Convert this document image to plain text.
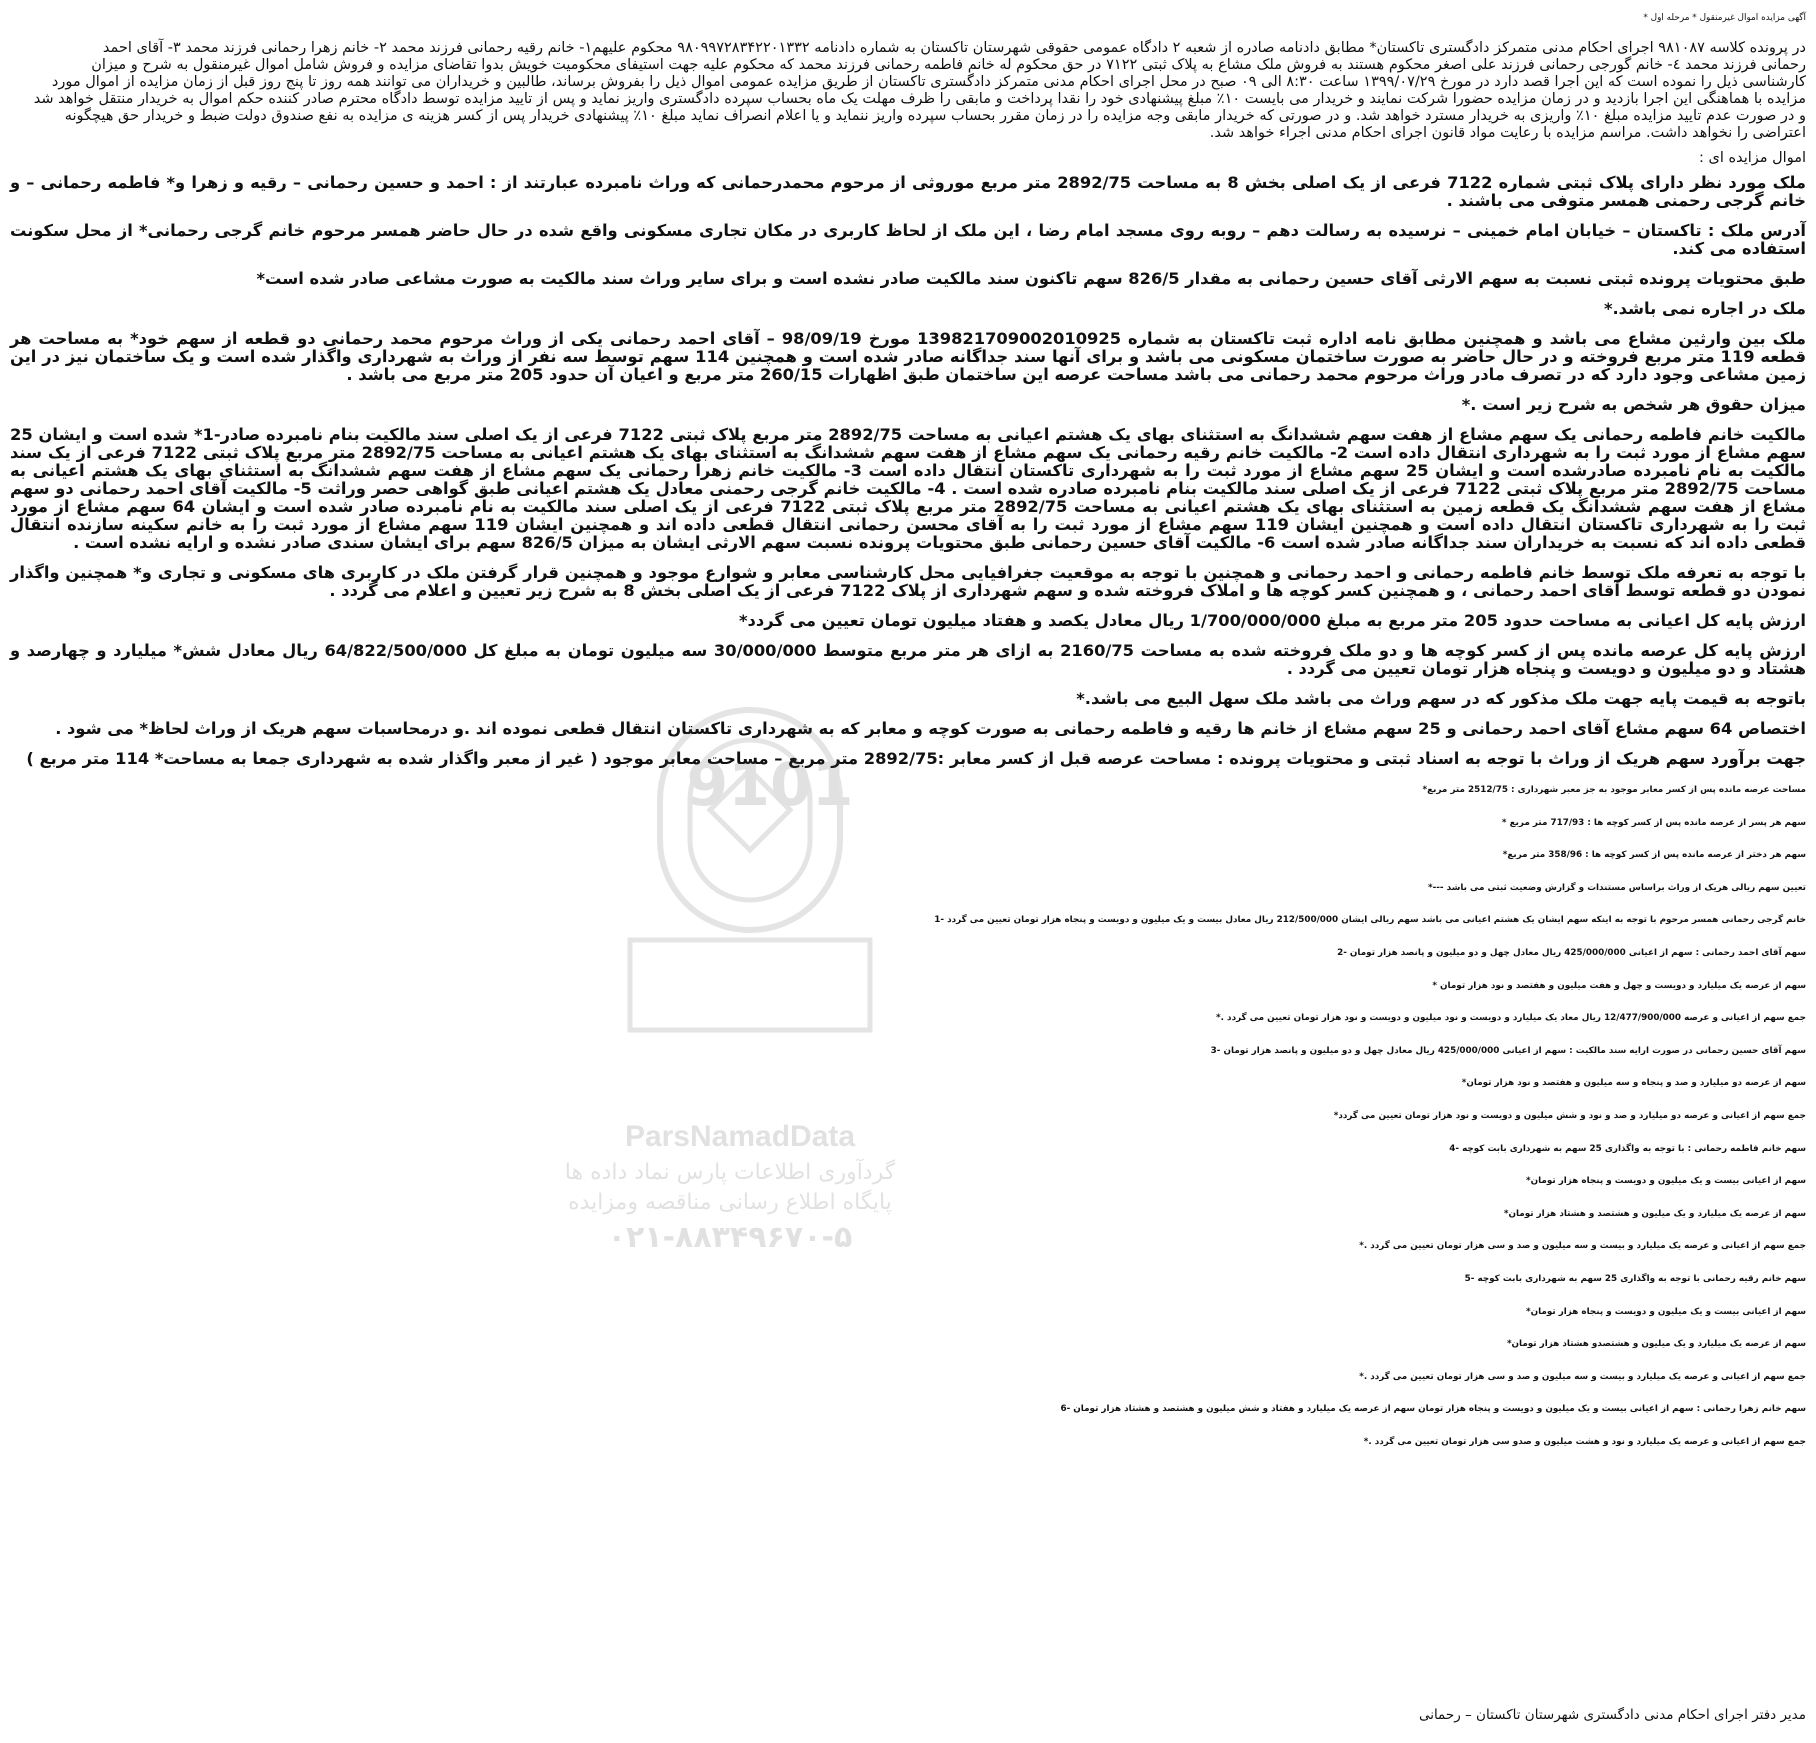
آگهی مزایده اموال غیرمنقول * مرحله اول *

در پرونده کلاسه ۹۸۱۰۸۷ اجرای احکام مدنی متمرکز دادگستری تاکستان* مطابق دادنامه صادره از شعبه ۲ دادگاه عمومی حقوقی شهرستان تاکستان به شماره دادنامه ۹۸۰۹۹۷۲۸۳۴۲۲۰۱۳۳۲ محکوم علیهم۱- خانم رقیه رحمانی فرزند محمد ۲- خانم زهرا رحمانی فرزند محمد ۳- آقای احمد

رحمانی فرزند محمد ٤- خانم گورجی رحمانی فرزند علی اصغر محکوم هستند به فروش ملک مشاع به پلاک ثبتی ۷۱۲۲ در حق محکوم له خانم فاطمه رحمانی فرزند محمد که محکوم علیه جهت استیفای محکومیت خویش بدوا تقاضای مزایده و فروش شامل اموال غیرمنقول به شرح و میزان

کارشناسی ذیل را نموده است که این اجرا قصد دارد در مورخ ۱۳۹۹/۰۷/۲۹ ساعت ۸:۳۰ الی ۰۹ صبح در محل اجرای احکام مدنی متمرکز دادگستری تاکستان از طریق مزایده عمومی اموال ذیل را بفروش برساند، طالبین و خریداران می توانند همه روز تا پنج روز قبل از زمان مزایده از اموال مورد

مزایده با هماهنگی این اجرا بازدید و در زمان مزایده حضورا شرکت نمایند و خریدار می بایست ۱۰٪ مبلغ پیشنهادی خود را نقدا پرداخت و مابقی را ظرف مهلت یک ماه بحساب سپرده دادگستری واریز نماید و پس از تایید مزایده توسط دادگاه محترم صادر کننده حکم اموال به خریدار منتقل خواهد شد

و در صورت عدم تایید مزایده مبلغ ۱۰٪ واریزی به خریدار مسترد خواهد شد. و در صورتی که خریدار مابقی وجه مزایده را در زمان مقرر بحساب سپرده واریز ننماید و یا اعلام انصراف نماید مبلغ ۱۰٪ پیشنهادی خریدار پس از کسر هزینه ی مزایده به نفع صندوق دولت ضبط و خریدار حق هیچگونه

اعتراضی را نخواهد داشت. مراسم مزایده با رعایت مواد قانون اجرای احکام مدنی اجراء خواهد شد.

اموال مزایده ای :
ملک مورد نظر دارای پلاک ثبتی شماره 7122 فرعی از یک اصلی بخش 8 به مساحت 2892/75 متر مربع موروثی از مرحوم محمدرحمانی که وراث نامبرده عبارتند از : احمد و حسین رحمانی – رقیه و زهرا و* فاطمه رحمانی – و خانم گرجی رحمنی همسر متوفی می باشند .
آدرس ملک : تاکستان – خیابان امام خمینی – نرسیده به رسالت دهم – روبه روی مسجد امام رضا ، این ملک از لحاظ کاربری در مکان تجاری مسکونی واقع شده در حال حاضر همسر مرحوم خانم گرجی رحمانی* از محل سکونت استفاده می کند.
طبق محتویات پرونده ثبتی نسبت به سهم الارثی آقای حسین رحمانی به مقدار 826/5 سهم تاکنون سند مالکیت صادر نشده است و برای سایر وراث سند مالکیت به صورت مشاعی صادر شده است*
ملک در اجاره نمی باشد.*
ملک بین وارثین مشاع می باشد و همچنین مطابق نامه اداره ثبت تاکستان به شماره 139821709002010925 مورخ 98/09/19 – آقای احمد رحمانی یکی از وراث مرحوم محمد رحمانی دو قطعه از سهم خود* به مساحت هر قطعه 119 متر مربع فروخته و در حال حاضر به صورت ساختمان مسکونی می باشد و برای آنها سند جداگانه صادر شده است و همچنین 114 سهم توسط سه نفر از وراث به شهرداری واگذار شده است و یک ساختمان نیز در این زمین مشاعی وجود دارد که در تصرف مادر وراث مرحوم محمد رحمانی می باشد مساحت عرصه این ساختمان طبق اظهارات 260/15 متر مربع و اعیان آن حدود 205 متر مربع می باشد .
میزان حقوق هر شخص به شرح زیر است .*
مالکیت خانم فاطمه رحمانی یک سهم مشاع از هفت سهم ششدانگ به استثنای بهای یک هشتم اعیانی به مساحت 2892/75 متر مربع پلاک ثبتی 7122 فرعی از یک اصلی سند مالکیت بنام نامبرده صادر-1* شده است و ایشان 25 سهم مشاع از مورد ثبت را به شهرداری انتقال داده است 2- مالکیت خانم رقیه رحمانی یک سهم مشاع از هفت سهم ششدانگ به استثنای بهای یک هشتم اعیانی به مساحت 2892/75 متر مربع پلاک ثبتی 7122 فرعی از یک سند مالکیت به نام نامبرده صادرشده است و ایشان 25 سهم مشاع از مورد ثبت را به شهرداری تاکستان انتقال داده است 3- مالکیت خانم زهرا رحمانی یک سهم مشاع از هفت سهم ششدانگ به استثنای بهای یک هشتم اعیانی به مساحت 2892/75 متر مربع پلاک ثبتی 7122 فرعی از یک اصلی سند مالکیت بنام نامبرده صادره شده است . 4- مالکیت خانم گرجی رحمنی معادل یک هشتم اعیانی طبق گواهی حصر وراثت 5- مالکیت آقای احمد رحمانی دو سهم مشاع از هفت سهم ششدانگ یک قطعه زمین به استثنای بهای یک هشتم اعیانی به مساحت 2892/75 متر مربع پلاک ثبتی 7122 فرعی از یک اصلی سند مالکیت به نام نامبرده صادر شده است و ایشان 64 سهم مشاع از مورد ثبت را به شهرداری تاکستان انتقال داده است و همچنین ایشان 119 سهم مشاع از مورد ثبت را به آقای محسن رحمانی انتقال قطعی داده اند و همچنین ایشان 119 سهم مشاع از مورد ثبت را به خانم سکینه سازنده انتقال قطعی داده اند که نسبت به خریداران سند جداگانه صادر شده است 6- مالکیت آقای حسین رحمانی طبق محتویات پرونده نسبت سهم الارثی ایشان به میزان 826/5 سهم برای ایشان سندی صادر نشده و ارایه نشده است .
با توجه به تعرفه ملک توسط خانم فاطمه رحمانی و احمد رحمانی و همچنین با توجه به موقعیت جغرافیایی محل کارشناسی معابر و شوارع موجود و همچنین قرار گرفتن ملک در کاربری های مسکونی و تجاری و* همچنین واگذار نمودن دو قطعه توسط آقای احمد رحمانی ، و همچنین کسر کوچه ها و املاک فروخته شده و سهم شهرداری از پلاک 7122 فرعی از یک اصلی بخش 8 به شرح زیر تعیین و اعلام می گردد .
ارزش پایه کل اعیانی به مساحت حدود 205 متر مربع به مبلغ 1/700/000/000 ریال معادل یکصد و هفتاد میلیون تومان تعیین می گردد*
ارزش پایه کل عرصه مانده پس از کسر کوچه ها و دو ملک فروخته شده به مساحت 2160/75 به ازای هر متر مربع متوسط 30/000/000 سه میلیون تومان به مبلغ کل 64/822/500/000 ریال معادل شش* میلیارد و چهارصد و هشتاد و دو میلیون و دویست و پنجاه هزار تومان تعیین می گردد .
باتوجه به قیمت پایه جهت ملک مذکور که در سهم وراث می باشد ملک سهل البیع می باشد.*
اختصاص 64 سهم مشاع آقای احمد رحمانی و 25 سهم مشاع از خانم ها رقیه و فاطمه رحمانی به صورت کوچه و معابر که به شهرداری تاکستان انتقال قطعی نموده اند .و درمحاسبات سهم هریک از وراث لحاظ* می شود .
جهت برآورد سهم هریک از وراث با توجه به اسناد ثبتی و محتویات پرونده : مساحت عرصه قبل از کسر معابر :2892/75 متر مربع – مساحت معابر موجود ( غیر از معبر واگذار شده به شهرداری جمعا به مساحت* 114 متر مربع )
مساحت عرصه مانده پس از کسر معابر موجود به جز معبر شهرداری : 2512/75 متر مربع*
سهم هر پسر از عرصه مانده پس از کسر کوچه ها : 717/93 متر مربع *
سهم هر دختر از عرصه مانده پس از کسر کوچه ها : 358/96 متر مربع*
تعیین سهم ریالی هریک از وراث براساس مستندات و گزارش وضعیت ثبتی می باشد ---*
خانم گرجی رحمانی همسر مرحوم با توجه به اینکه سهم ایشان یک هشتم اعیانی می باشد سهم ریالی ایشان 212/500/000 ریال معادل بیست و یک میلیون و دویست و پنجاه هزار تومان تعیین می گردد -1
سهم آقای احمد رحمانی : سهم از اعیانی 425/000/000 ریال معادل چهل و دو میلیون و پانصد هزار تومان -2
سهم از عرصه یک میلیارد و دویست و چهل و هفت میلیون و هفتصد و نود هزار تومان *
جمع سهم از اعیانی و عرصه 12/477/900/000 ریال معاد یک میلیارد و دویست و نود میلیون و دویست و نود هزار تومان تعیین می گردد .*
سهم آقای حسین رحمانی در صورت ارایه سند مالکیت : سهم از اعیانی 425/000/000 ریال معادل چهل و دو میلیون و پانصد هزار تومان -3
سهم از عرصه دو میلیارد و صد و پنجاه و سه میلیون و هفتصد و نود هزار تومان*
جمع سهم از اعیانی و عرصه دو میلیارد و صد و نود و شش میلیون و دویست و نود هزار تومان تعیین می گردد*
سهم خانم فاطمه رحمانی : با توجه به واگذاری 25 سهم به شهرداری بابت کوچه -4
سهم از اعیانی بیست و یک میلیون و دویست و پنجاه هزار تومان*
سهم از عرصه یک میلیارد و یک میلیون و هشتصد و هشتاد هزار تومان*
جمع سهم از اعیانی و عرصه یک میلیارد و بیست و سه میلیون و صد و سی هزار تومان تعیین می گردد .*
سهم خانم رقیه رحمانی با توجه به واگذاری 25 سهم به شهرداری بابت کوچه -5
سهم از اعیانی بیست و یک میلیون و دویست و پنجاه هزار تومان*
سهم از عرصه یک میلیارد و یک میلیون و هشتصدو هشتاد هزار تومان*
جمع سهم از اعیانی و عرصه یک میلیارد و بیست و سه میلیون و صد و سی هزار تومان تعیین می گردد .*
سهم خانم زهرا رحمانی : سهم از اعیانی بیست و یک میلیون و دویست و پنجاه هزار تومان سهم از عرصه یک میلیارد و هفتاد و شش میلیون و هشتصد و هشتاد هزار تومان -6
جمع سهم از اعیانی و عرصه یک میلیارد و نود و هشت میلیون و صدو سی هزار تومان تعیین می گردد .*
9101
ParsNamadData
گردآوری اطلاعات پارس نماد داده ها
پایگاه اطلاع رسانی مناقصه ومزایده
۰۲۱-۸۸۳۴۹۶۷۰-۵
مدیر دفتر اجرای احکام مدنی دادگستری شهرستان تاکستان – رحمانی
